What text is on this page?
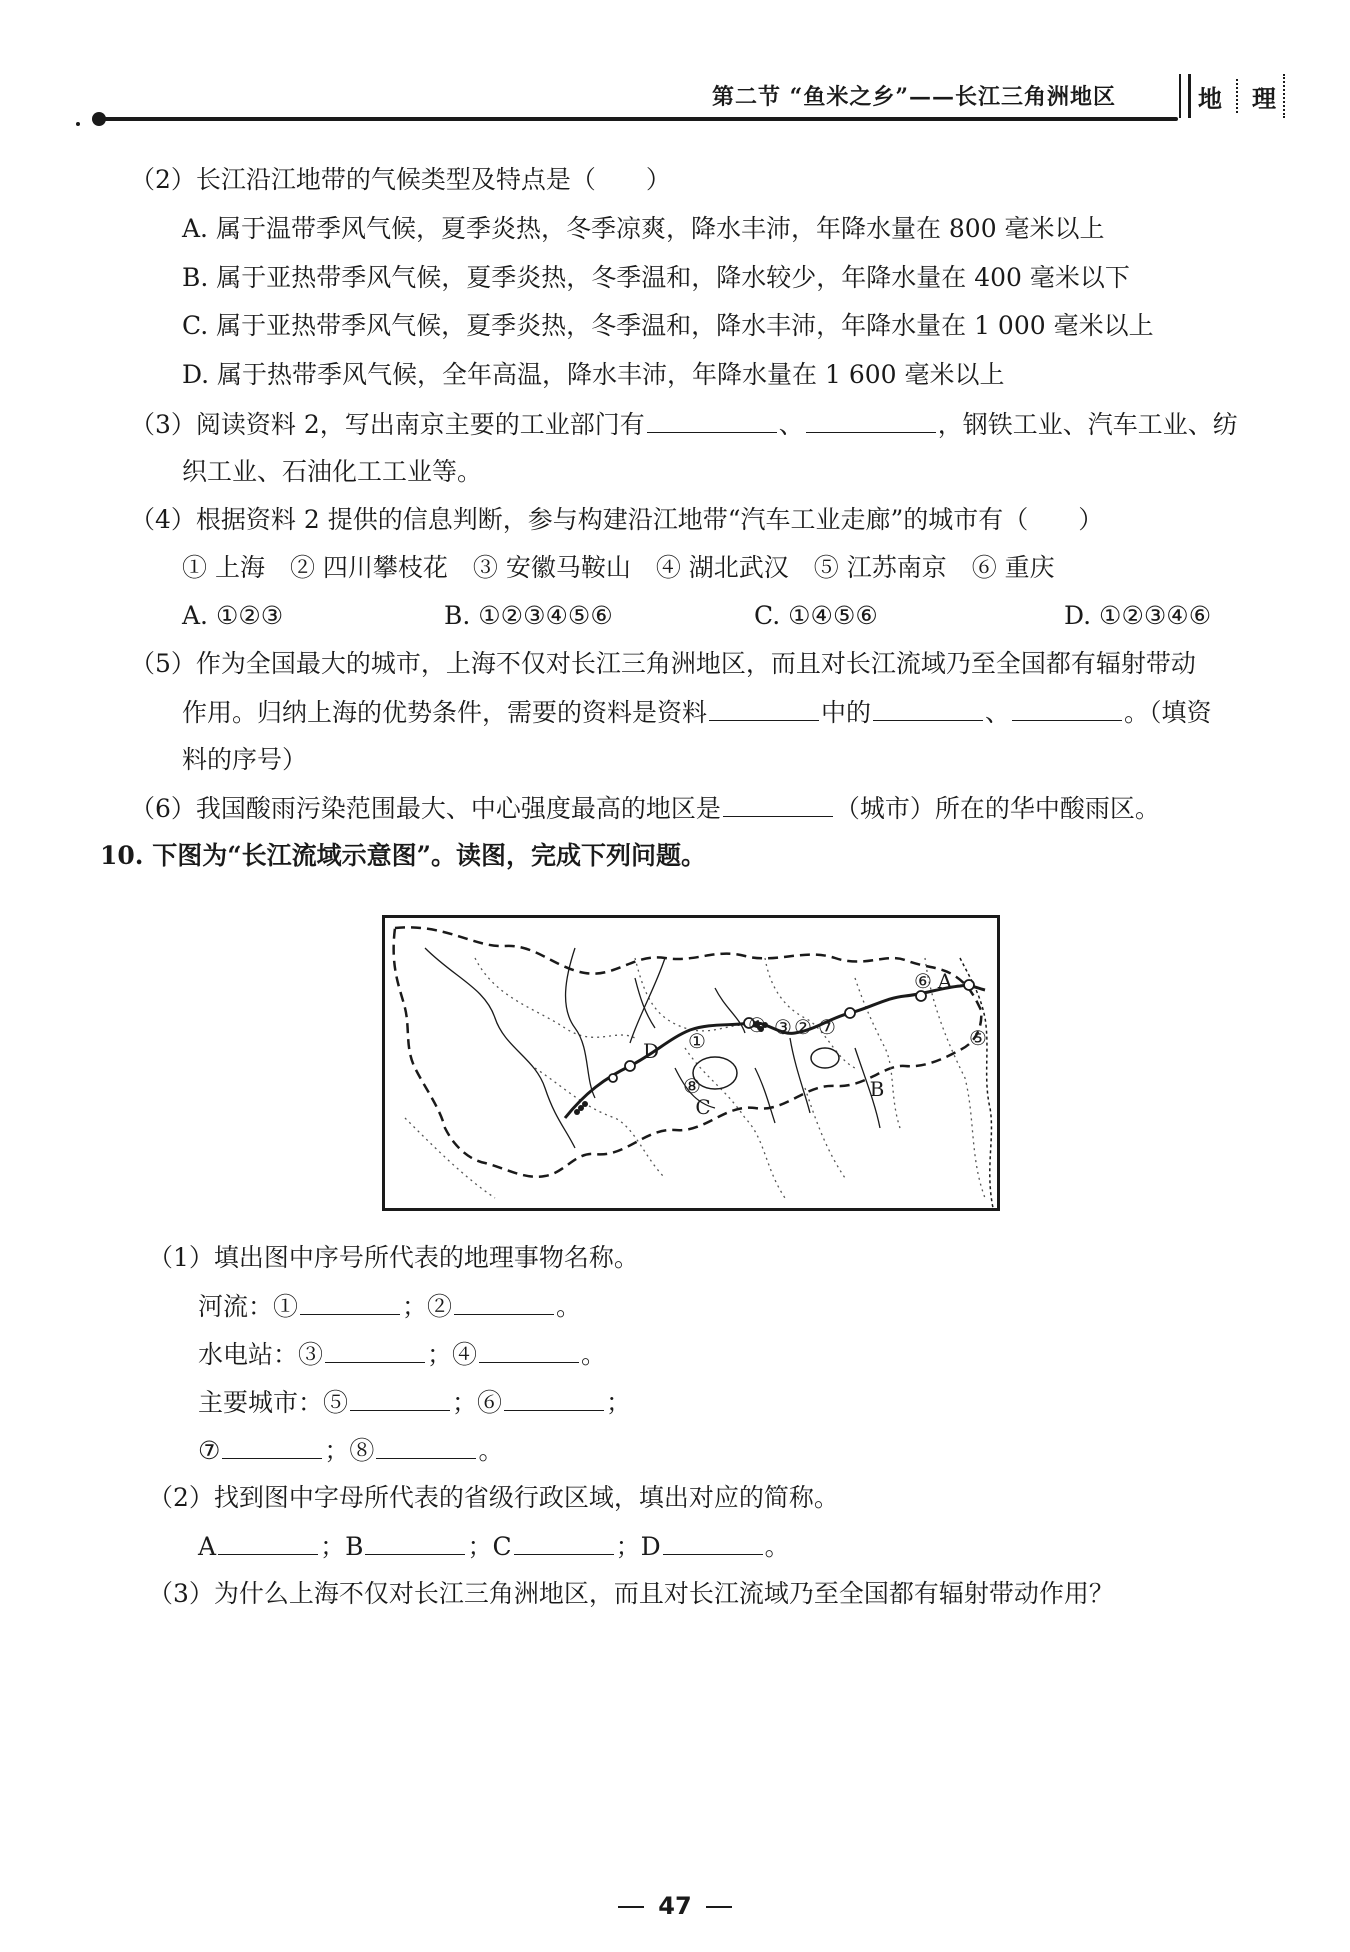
第二节 “鱼米之乡”——长江三角洲地区	地 理
（2）长江沿江地带的气候类型及特点是（　　）
A. 属于温带季风气候，夏季炎热，冬季凉爽，降水丰沛，年降水量在 800 毫米以上
B. 属于亚热带季风气候，夏季炎热，冬季温和，降水较少，年降水量在 400 毫米以下
C. 属于亚热带季风气候，夏季炎热，冬季温和，降水丰沛，年降水量在 1 000 毫米以上
D. 属于热带季风气候，全年高温，降水丰沛，年降水量在 1 600 毫米以上
（3）阅读资料 2，写出南京主要的工业部门有	、	，钢铁工业、汽车工业、纺
织工业、石油化工工业等。
（4）根据资料 2 提供的信息判断，参与构建沿江地带“汽车工业走廊”的城市有（　　）
① 上海　② 四川攀枝花　③ 安徽马鞍山　④ 湖北武汉　⑤ 江苏南京　⑥ 重庆
A. ①②③	B. ①②③④⑤⑥	C. ①④⑤⑥	D. ①②③④⑥
（5）作为全国最大的城市，上海不仅对长江三角洲地区，而且对长江流域乃至全国都有辐射带动
作用。归纳上海的优势条件，需要的资料是资料	中的	、	。（填资
料的序号）
（6）我国酸雨污染范围最大、中心强度最高的地区是	（城市）所在的华中酸雨区。
10. 下图为“长江流域示意图”。读图，完成下列问题。
①
②
③
④
⑤
⑥
⑦
⑧
A
B
C
D
（1）填出图中序号所代表的地理事物名称。
河流：①	；②	。
水电站：③	；④	。
主要城市：⑤	；⑥	；
⑦	；⑧	。
（2）找到图中字母所代表的省级行政区域，填出对应的简称。
A	；B	；C	；D	。
（3）为什么上海不仅对长江三角洲地区，而且对长江流域乃至全国都有辐射带动作用？
47
